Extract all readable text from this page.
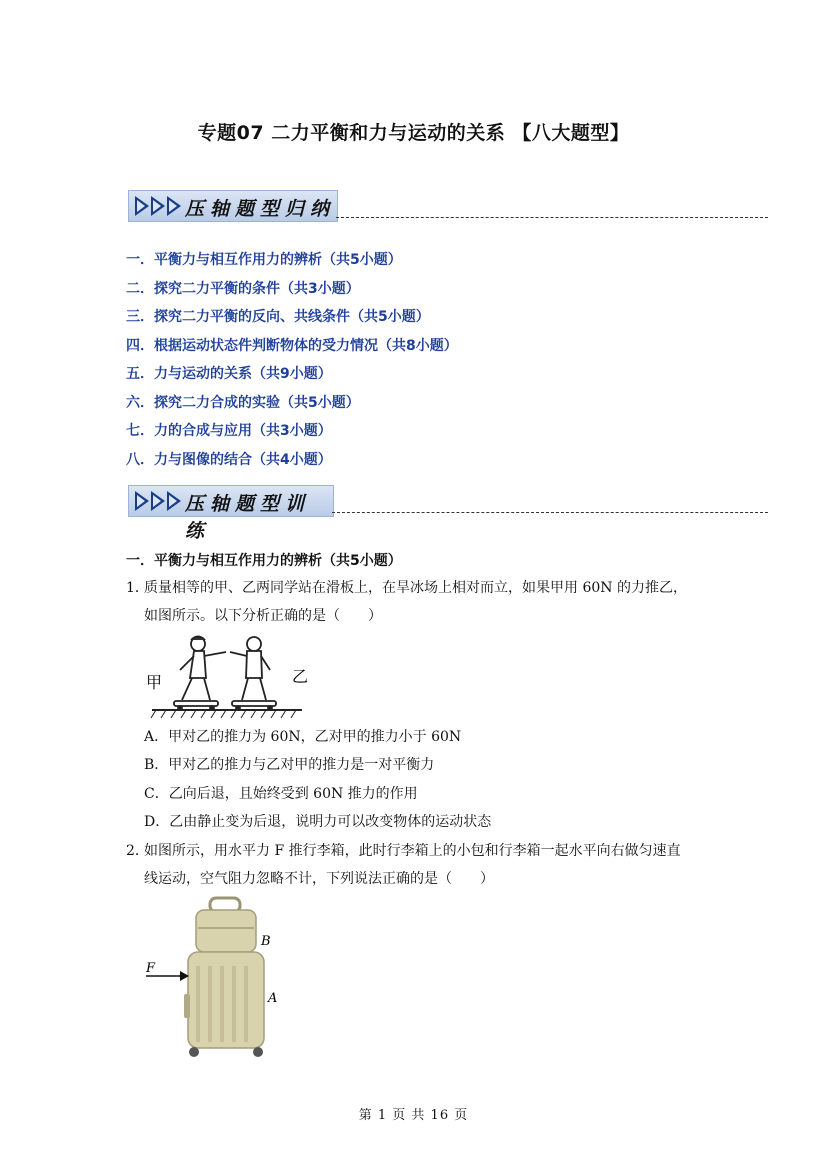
专题07 二力平衡和力与运动的关系 【八大题型】
压轴题型归纳
一．平衡力与相互作用力的辨析（共5小题）
二．探究二力平衡的条件（共3小题）
三．探究二力平衡的反向、共线条件（共5小题）
四．根据运动状态件判断物体的受力情况（共8小题）
五．力与运动的关系（共9小题）
六．探究二力合成的实验（共5小题）
七．力的合成与应用（共3小题）
八．力与图像的结合（共4小题）
压轴题型训练
一．平衡力与相互作用力的辨析（共5小题）
1．质量相等的甲、乙两同学站在滑板上，在旱冰场上相对而立，如果甲用 60N 的力推乙，
如图所示。以下分析正确的是（　　）
甲	乙
A．甲对乙的推力为 60N，乙对甲的推力小于 60N
B．甲对乙的推力与乙对甲的推力是一对平衡力
C．乙向后退，且始终受到 60N 推力的作用
D．乙由静止变为后退，说明力可以改变物体的运动状态
2．如图所示，用水平力 F 推行李箱，此时行李箱上的小包和行李箱一起水平向右做匀速直
线运动，空气阻力忽略不计，下列说法正确的是（　　）
F
B
A
第 1 页 共 16 页
